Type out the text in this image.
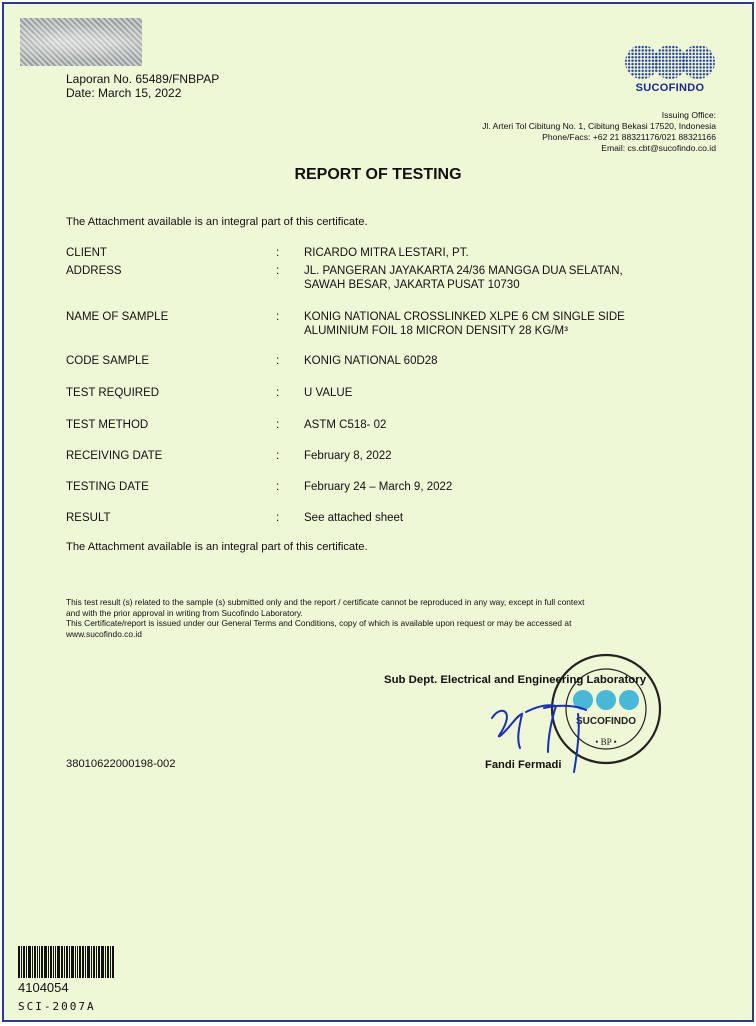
Laporan No. 65489/FNBPAP
Date: March 15, 2022	SUCOFINDO
Issuing Office:
Jl. Arteri Tol Cibitung No. 1, Cibitung Bekasi 17520, Indonesia
Phone/Facs: +62 21 88321176/021 88321166
Email: cs.cbt@sucofindo.co.id
REPORT OF TESTING
The Attachment available is an integral part of this certificate.
CLIENT	:	RICARDO MITRA LESTARI, PT.
ADDRESS	:	JL. PANGERAN JAYAKARTA 24/36 MANGGA DUA SELATAN,
SAWAH BESAR, JAKARTA PUSAT 10730
NAME OF SAMPLE	:	KONIG NATIONAL CROSSLINKED XLPE 6 CM SINGLE SIDE
ALUMINIUM FOIL 18 MICRON DENSITY 28 KG/M³
CODE SAMPLE	:	KONIG NATIONAL 60D28
TEST REQUIRED	:	U VALUE
TEST METHOD	:	ASTM C518- 02
RECEIVING DATE	:	February 8, 2022
TESTING DATE	:	February 24 – March 9, 2022
RESULT	:	See attached sheet
The Attachment available is an integral part of this certificate.
This test result (s) related to the sample (s) submitted only and the report / certificate cannot be reproduced in any way, except in full context
and with the prior approval in writing from Sucofindo Laboratory.
This Certificate/report is issued under our General Terms and Conditions, copy of which is available upon request or may be accessed at
www.sucofindo.co.id
38010622000198-002
SUCOFINDO
• BP •
Sub Dept. Electrical and Engineering Laboratory
Fandi Fermadi
4104054
SCI-2007A
